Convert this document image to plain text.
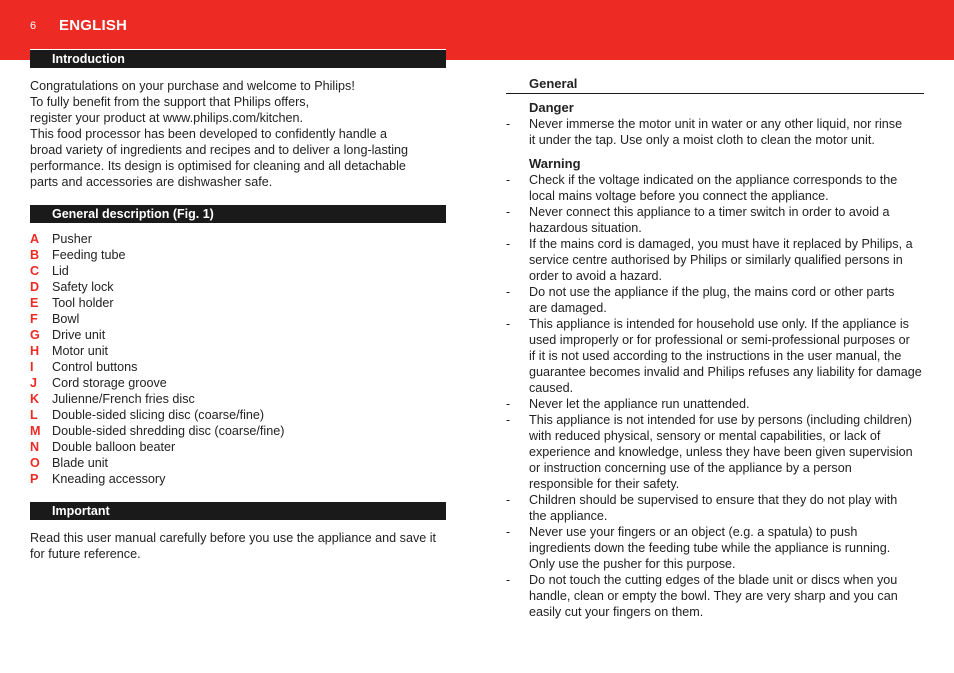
6 ENGLISH
Introduction
Congratulations on your purchase and welcome to Philips!
To fully benefit from the support that Philips offers,
register your product at www.philips.com/kitchen.
This food processor has been developed to confidently handle a
broad variety of ingredients and recipes and to deliver a long-lasting
performance. Its design is optimised for cleaning and all detachable
parts and accessories are dishwasher safe.
General description (Fig. 1)
A	Pusher
B	Feeding tube
C	Lid
D	Safety lock
E	Tool holder
F	Bowl
G Drive unit
H	Motor unit
I	Control buttons
J	Cord storage groove
K	Julienne/French fries disc
L	Double-sided slicing disc (coarse/fine)
M Double-sided shredding disc (coarse/fine)
N	Double balloon beater
O Blade unit
P	Kneading accessory
Important
Read this user manual carefully before you use the appliance and save it
for future reference.
General
Danger
-	Never immerse the motor unit in water or any other liquid, nor rinse
it under the tap. Use only a moist cloth to clean the motor unit.
Warning
-	Check if the voltage indicated on the appliance corresponds to the
local mains voltage before you connect the appliance.
-	Never connect this appliance to a timer switch in order to avoid a
hazardous situation.
-	If the mains cord is damaged, you must have it replaced by Philips, a
service centre authorised by Philips or similarly qualified persons in
order to avoid a hazard.
-	Do not use the appliance if the plug, the mains cord or other parts
are damaged.
-	This appliance is intended for household use only. If the appliance is
used improperly or for professional or semi-professional purposes or
if it is not used according to the instructions in the user manual, the
guarantee becomes invalid and Philips refuses any liability for damage
caused.
-	Never let the appliance run unattended.
-	This appliance is not intended for use by persons (including children)
with reduced physical, sensory or mental capabilities, or lack of
experience and knowledge, unless they have been given supervision
or instruction concerning use of the appliance by a person
responsible for their safety.
-	Children should be supervised to ensure that they do not play with
the appliance.
-	Never use your fingers or an object (e.g. a spatula) to push
ingredients down the feeding tube while the appliance is running.
Only use the pusher for this purpose.
-	Do not touch the cutting edges of the blade unit or discs when you
handle, clean or empty the bowl. They are very sharp and you can
easily cut your fingers on them.
